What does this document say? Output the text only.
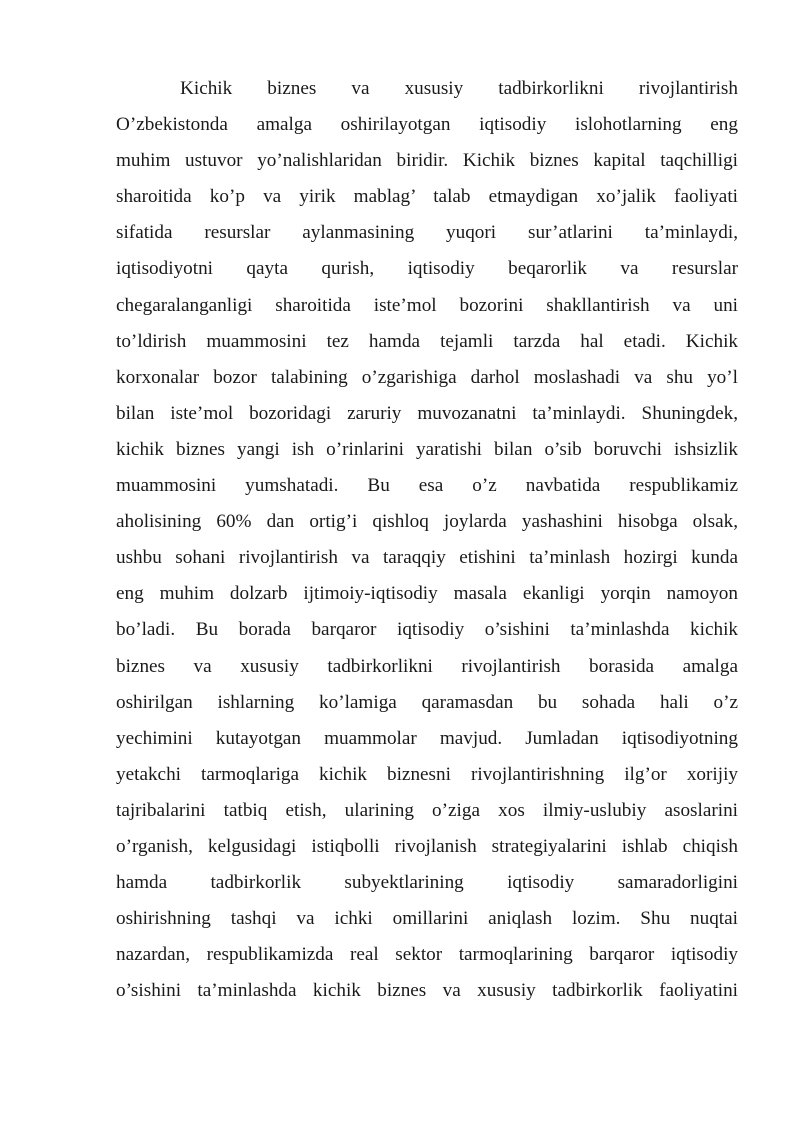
Kichik biznes va xususiy tadbirkorlikni rivojlantirish
O’zbekistonda amalga oshirilayotgan iqtisodiy islohotlarning eng
muhim ustuvor yo’nalishlaridan biridir. Kichik biznes kapital taqchilligi
sharoitida ko’p va yirik mablag’ talab etmaydigan xo’jalik faoliyati
sifatida resurslar aylanmasining yuqori sur’atlarini ta’minlaydi,
iqtisodiyotni qayta qurish, iqtisodiy beqarorlik va resurslar
chegaralanganligi sharoitida iste’mol bozorini shakllantirish va uni
to’ldirish muammosini tez hamda tejamli tarzda hal etadi. Kichik
korxonalar bozor talabining o’zgarishiga darhol moslashadi va shu yo’l
bilan iste’mol bozoridagi zaruriy muvozanatni ta’minlaydi. Shuningdek,
kichik biznes yangi ish o’rinlarini yaratishi bilan o’sib boruvchi ishsizlik
muammosini yumshatadi. Bu esa o’z navbatida respublikamiz
aholisining 60% dan ortig’i qishloq joylarda yashashini hisobga olsak,
ushbu sohani rivojlantirish va taraqqiy etishini ta’minlash hozirgi kunda
eng muhim dolzarb ijtimoiy-iqtisodiy masala ekanligi yorqin namoyon
bo’ladi. Bu borada barqaror iqtisodiy o’sishini ta’minlashda kichik
biznes va xususiy tadbirkorlikni rivojlantirish borasida amalga
oshirilgan ishlarning ko’lamiga qaramasdan bu sohada hali o’z
yechimini kutayotgan muammolar mavjud. Jumladan iqtisodiyotning
yetakchi tarmoqlariga kichik biznesni rivojlantirishning ilg’or xorijiy
tajribalarini tatbiq etish, ularining o’ziga xos ilmiy-uslubiy asoslarini
o’rganish, kelgusidagi istiqbolli rivojlanish strategiyalarini ishlab chiqish
hamda tadbirkorlik subyektlarining iqtisodiy samaradorligini
oshirishning tashqi va ichki omillarini aniqlash lozim. Shu nuqtai
nazardan, respublikamizda real sektor tarmoqlarining barqaror iqtisodiy
o’sishini ta’minlashda kichik biznes va xususiy tadbirkorlik faoliyatini
